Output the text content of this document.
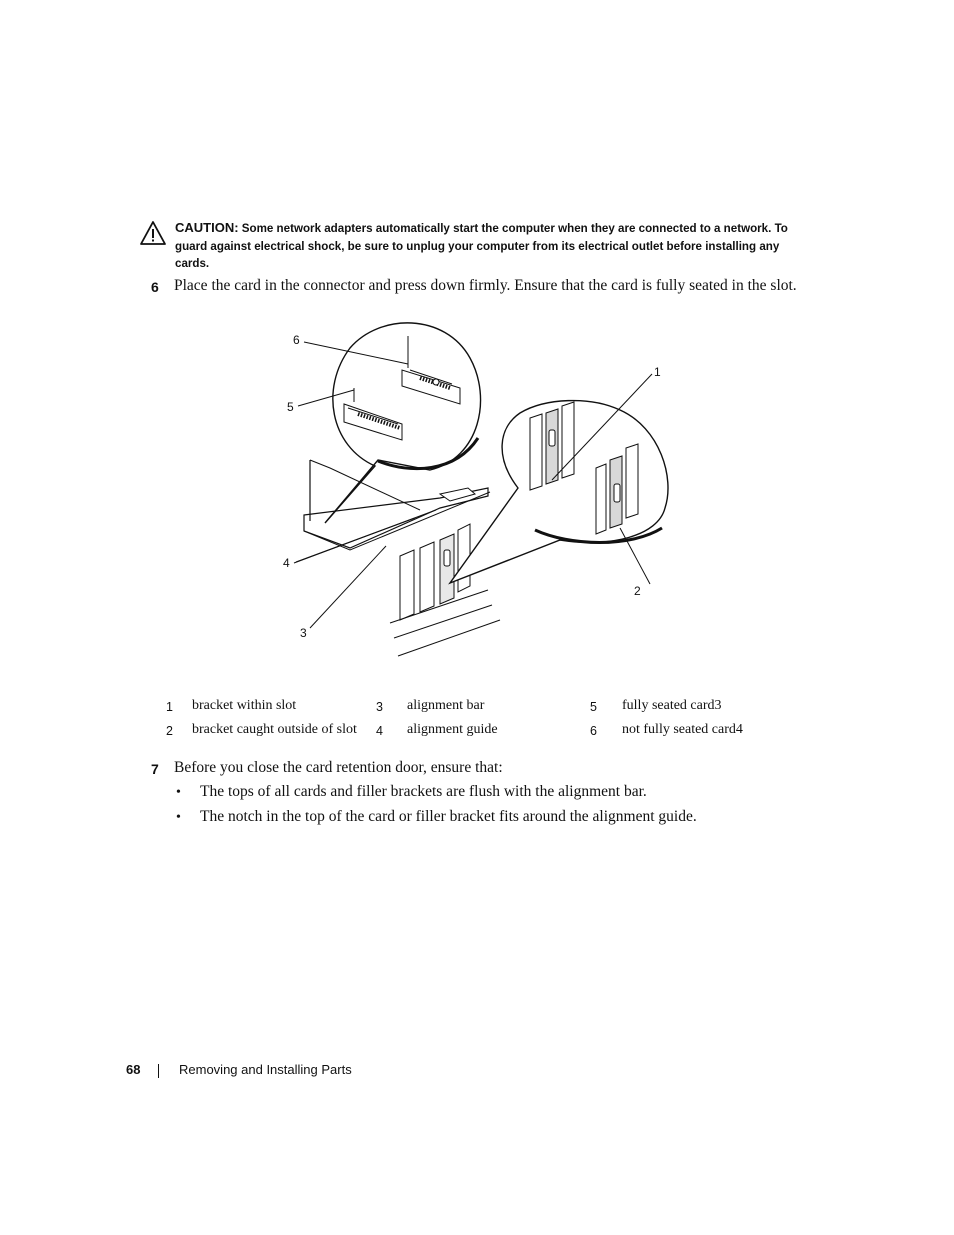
CAUTION: Some network adapters automatically start the computer when they are connected to a network. To guard against electrical shock, be sure to unplug your computer from its electrical outlet before installing any cards.
6 Place the card in the connector and press down firmly. Ensure that the card is fully seated in the slot.
6
5
4
3
1
2
1 bracket within slot
2 bracket caught outside of slot
3 alignment bar
4 alignment guide
5 fully seated card3
6 not fully seated card4
7 Before you close the card retention door, ensure that:
• The tops of all cards and filler brackets are flush with the alignment bar.
• The notch in the top of the card or filler bracket fits around the alignment guide.
68	Removing and Installing Parts
